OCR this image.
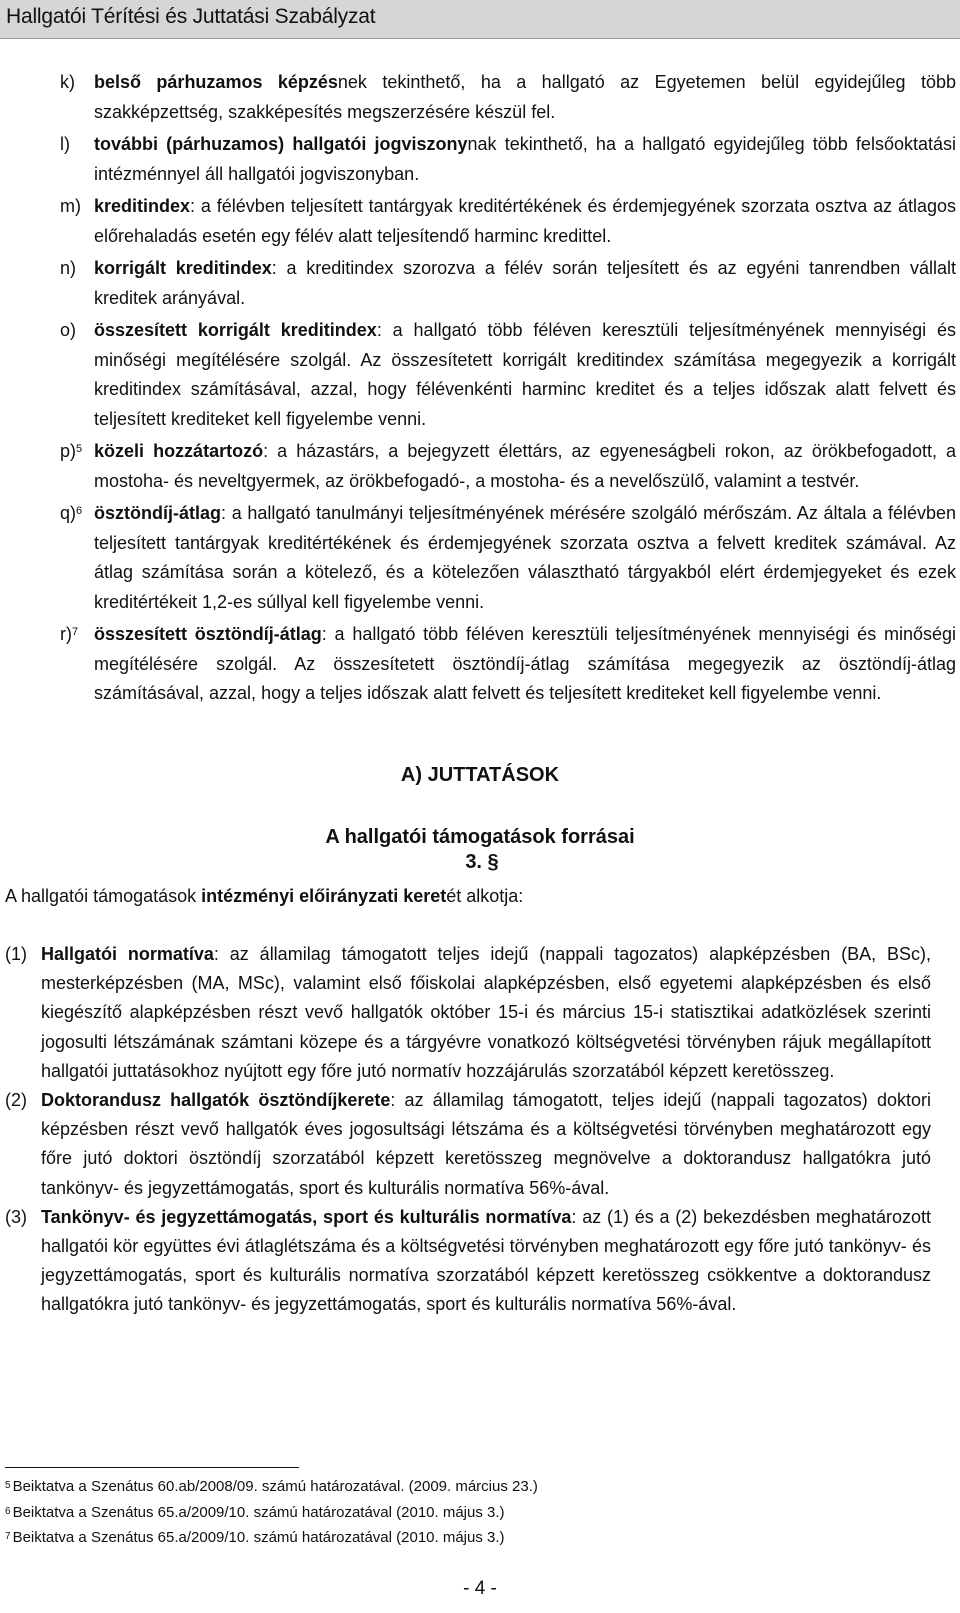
Hallgatói Térítési és Juttatási Szabályzat
k)	belső párhuzamos képzésnek tekinthető, ha a hallgató az Egyetemen belül egyidejűleg több szakképzettség, szakképesítés megszerzésére készül fel.
l)	további (párhuzamos) hallgatói jogviszonynak tekinthető, ha a hallgató egyidejűleg több felsőoktatási intézménnyel áll hallgatói jogviszonyban.
m) kreditindex: a félévben teljesített tantárgyak kreditértékének és érdemjegyének szorzata osztva az átlagos előrehaladás esetén egy félév alatt teljesítendő harminc kredittel.
n) korrigált kreditindex: a kreditindex szorozva a félév során teljesített és az egyéni tanrendben vállalt kreditek arányával.
o) összesített korrigált kreditindex: a hallgató több féléven keresztüli teljesítményének mennyiségi és minőségi megítélésére szolgál. Az összesítetett korrigált kreditindex számítása megegyezik a korrigált kreditindex számításával, azzal, hogy félévenkénti harminc kreditet és a teljes időszak alatt felvett és teljesített krediteket kell figyelembe venni.
p)$^5$ közeli hozzátartozó: a házastárs, a bejegyzett élettárs, az egyeneságbeli rokon, az örökbefogadott, a mostoha- és neveltgyermek, az örökbefogadó-, a mostoha- és a nevelőszülő, valamint a testvér.
q)$^6$ ösztöndíj-átlag: a hallgató tanulmányi teljesítményének mérésére szolgáló mérőszám. Az általa a félévben teljesített tantárgyak kreditértékének és érdemjegyének szorzata osztva a felvett kreditek számával. Az átlag számítása során a kötelező, és a kötelezően választható tárgyakból elért érdemjegyeket és ezek kreditértékeit 1,2-es súllyal kell figyelembe venni.
r)$^7$ összesített ösztöndíj-átlag: a hallgató több féléven keresztüli teljesítményének mennyiségi és minőségi megítélésére szolgál. Az összesítetett ösztöndíj-átlag számítása megegyezik az ösztöndíj-átlag számításával, azzal, hogy a teljes időszak alatt felvett és teljesített krediteket kell figyelembe venni.
A) JUTTATÁSOK
A hallgatói támogatások forrásai
3. §
A hallgatói támogatások intézményi előirányzati keretét alkotja:
(1) Hallgatói normatíva: az államilag támogatott teljes idejű (nappali tagozatos) alapképzésben (BA, BSc), mesterképzésben (MA, MSc), valamint első főiskolai alapképzésben, első egyetemi alapképzésben és első kiegészítő alapképzésben részt vevő hallgatók október 15-i és március 15-i statisztikai adatközlések szerinti jogosulti létszámának számtani közepe és a tárgyévre vonatkozó költségvetési törvényben rájuk megállapított hallgatói juttatásokhoz nyújtott egy főre jutó normatív hozzájárulás szorzatából képzett keretösszeg.
(2) Doktorandusz hallgatók ösztöndíjkerete: az államilag támogatott, teljes idejű (nappali tagozatos) doktori képzésben részt vevő hallgatók éves jogosultsági létszáma és a költségvetési törvényben meghatározott egy főre jutó doktori ösztöndíj szorzatából képzett keretösszeg megnövelve a doktorandusz hallgatókra jutó tankönyv- és jegyzettámogatás, sport és kulturális normatíva 56%-ával.
(3) Tankönyv- és jegyzettámogatás, sport és kulturális normatíva: az (1) és a (2) bekezdésben meghatározott hallgatói kör együttes évi átlaglétszáma és a költségvetési törvényben meghatározott egy főre jutó tankönyv- és jegyzettámogatás, sport és kulturális normatíva szorzatából képzett keretösszeg csökkentve a doktorandusz hallgatókra jutó tankönyv- és jegyzettámogatás, sport és kulturális normatíva 56%-ával.
$^5$ Beiktatva a Szenátus 60.ab/2008/09. számú határozatával. (2009. március 23.)
$^6$ Beiktatva a Szenátus 65.a/2009/10. számú határozatával (2010. május 3.)
$^7$ Beiktatva a Szenátus 65.a/2009/10. számú határozatával (2010. május 3.)
- 4 -
